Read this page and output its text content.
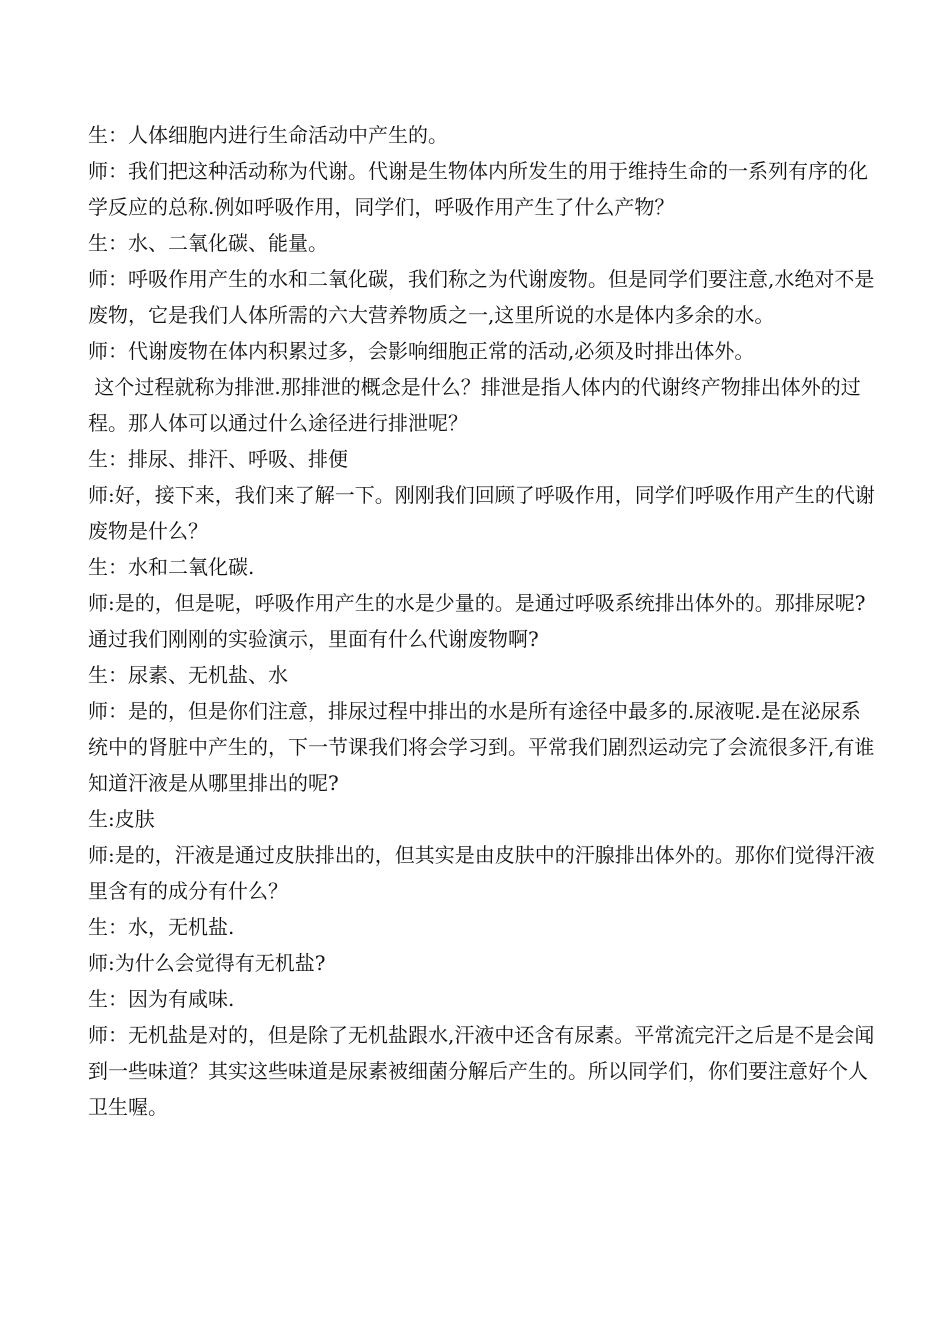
生：人体细胞内进行生命活动中产生的。

师：我们把这种活动称为代谢。代谢是生物体内所发生的用于维持生命的一系列有序的化学反应的总称.例如呼吸作用，同学们，呼吸作用产生了什么产物？

生：水、二氧化碳、能量。

师：呼吸作用产生的水和二氧化碳，我们称之为代谢废物。但是同学们要注意,水绝对不是废物，它是我们人体所需的六大营养物质之一,这里所说的水是体内多余的水。

师：代谢废物在体内积累过多，会影响细胞正常的活动,必须及时排出体外。

这个过程就称为排泄.那排泄的概念是什么？排泄是指人体内的代谢终产物排出体外的过程。那人体可以通过什么途径进行排泄呢？

生：排尿、排汗、呼吸、排便

师:好，接下来，我们来了解一下。刚刚我们回顾了呼吸作用，同学们呼吸作用产生的代谢废物是什么？

生：水和二氧化碳.

师:是的，但是呢，呼吸作用产生的水是少量的。是通过呼吸系统排出体外的。那排尿呢?通过我们刚刚的实验演示，里面有什么代谢废物啊?

生：尿素、无机盐、水

师：是的，但是你们注意，排尿过程中排出的水是所有途径中最多的.尿液呢.是在泌尿系统中的肾脏中产生的，下一节课我们将会学习到。平常我们剧烈运动完了会流很多汗,有谁知道汗液是从哪里排出的呢?

生:皮肤

师:是的，汗液是通过皮肤排出的，但其实是由皮肤中的汗腺排出体外的。那你们觉得汗液里含有的成分有什么？

生：水，无机盐.

师:为什么会觉得有无机盐?

生：因为有咸味.

师：无机盐是对的，但是除了无机盐跟水,汗液中还含有尿素。平常流完汗之后是不是会闻到一些味道？其实这些味道是尿素被细菌分解后产生的。所以同学们，你们要注意好个人卫生喔。
